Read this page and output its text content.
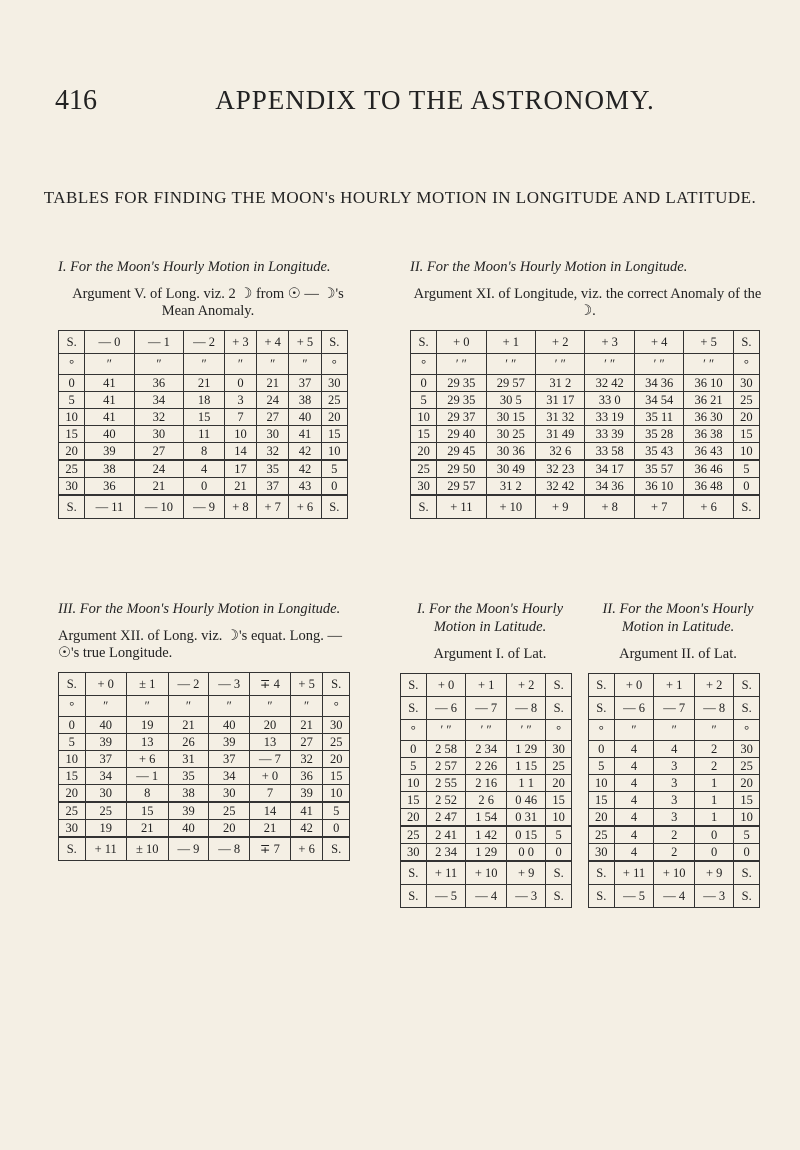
416	APPENDIX TO THE ASTRONOMY.
TABLES FOR FINDING THE MOON's HOURLY MOTION IN LONGITUDE AND LATITUDE.
I. For the Moon's Hourly Motion in Longitude.
Argument V. of Long. viz. 2 ☽ from ☉ — ☽'s Mean Anomaly.
S.	— 0	— 1	— 2	+ 3	+ 4	+ 5	S.
°	″	″	″	″	″	″	°
0	41	36	21	0	21	37	30
5	41	34	18	3	24	38	25
10	41	32	15	7	27	40	20
15	40	30	11	10	30	41	15
20	39	27	8	14	32	42	10
25	38	24	4	17	35	42	5
30	36	21	0	21	37	43	0
S.	— 11	— 10	— 9	+ 8	+ 7	+ 6	S.
II. For the Moon's Hourly Motion in Longitude.
Argument XI. of Longitude, viz. the correct Anomaly of the ☽.
S.	+ 0	+ 1	+ 2	+ 3	+ 4	+ 5	S.
°	′ ″	′ ″	′ ″	′ ″	′ ″	′ ″	°
0	29 35	29 57	31 2	32 42	34 36	36 10	30
5	29 35	30 5	31 17	33 0	34 54	36 21	25
10	29 37	30 15	31 32	33 19	35 11	36 30	20
15	29 40	30 25	31 49	33 39	35 28	36 38	15
20	29 45	30 36	32 6	33 58	35 43	36 43	10
25	29 50	30 49	32 23	34 17	35 57	36 46	5
30	29 57	31 2	32 42	34 36	36 10	36 48	0
S.	+ 11	+ 10	+ 9	+ 8	+ 7	+ 6	S.
III. For the Moon's Hourly Motion in Longitude.
Argument XII. of Long. viz. ☽'s equat. Long. — ☉'s true Longitude.
S.	+ 0	± 1	— 2	— 3	∓ 4	+ 5	S.
°	″	″	″	″	″	″	°
0	40	19	21	40	20	21	30
5	39	13	26	39	13	27	25
10	37	+ 6	31	37	— 7	32	20
15	34	— 1	35	34	+ 0	36	15
20	30	8	38	30	7	39	10
25	25	15	39	25	14	41	5
30	19	21	40	20	21	42	0
S.	+ 11	± 10	— 9	— 8	∓ 7	+ 6	S.
I. For the Moon's Hourly Motion in Latitude.
Argument I. of Lat.
S.	+ 0	+ 1	+ 2	S.
S.	— 6	— 7	— 8	S.
°	′ ″	′ ″	′ ″	°
0	2 58	2 34	1 29	30
5	2 57	2 26	1 15	25
10	2 55	2 16	1 1	20
15	2 52	2 6	0 46	15
20	2 47	1 54	0 31	10
25	2 41	1 42	0 15	5
30	2 34	1 29	0 0	0
S.	+ 11	+ 10	+ 9	S.
S.	— 5	— 4	— 3	S.
II. For the Moon's Hourly Motion in Latitude.
Argument II. of Lat.
S.	+ 0	+ 1	+ 2	S.
S.	— 6	— 7	— 8	S.
°	″	″	″	°
0	4	4	2	30
5	4	3	2	25
10	4	3	1	20
15	4	3	1	15
20	4	3	1	10
25	4	2	0	5
30	4	2	0	0
S.	+ 11	+ 10	+ 9	S.
S.	— 5	— 4	— 3	S.
